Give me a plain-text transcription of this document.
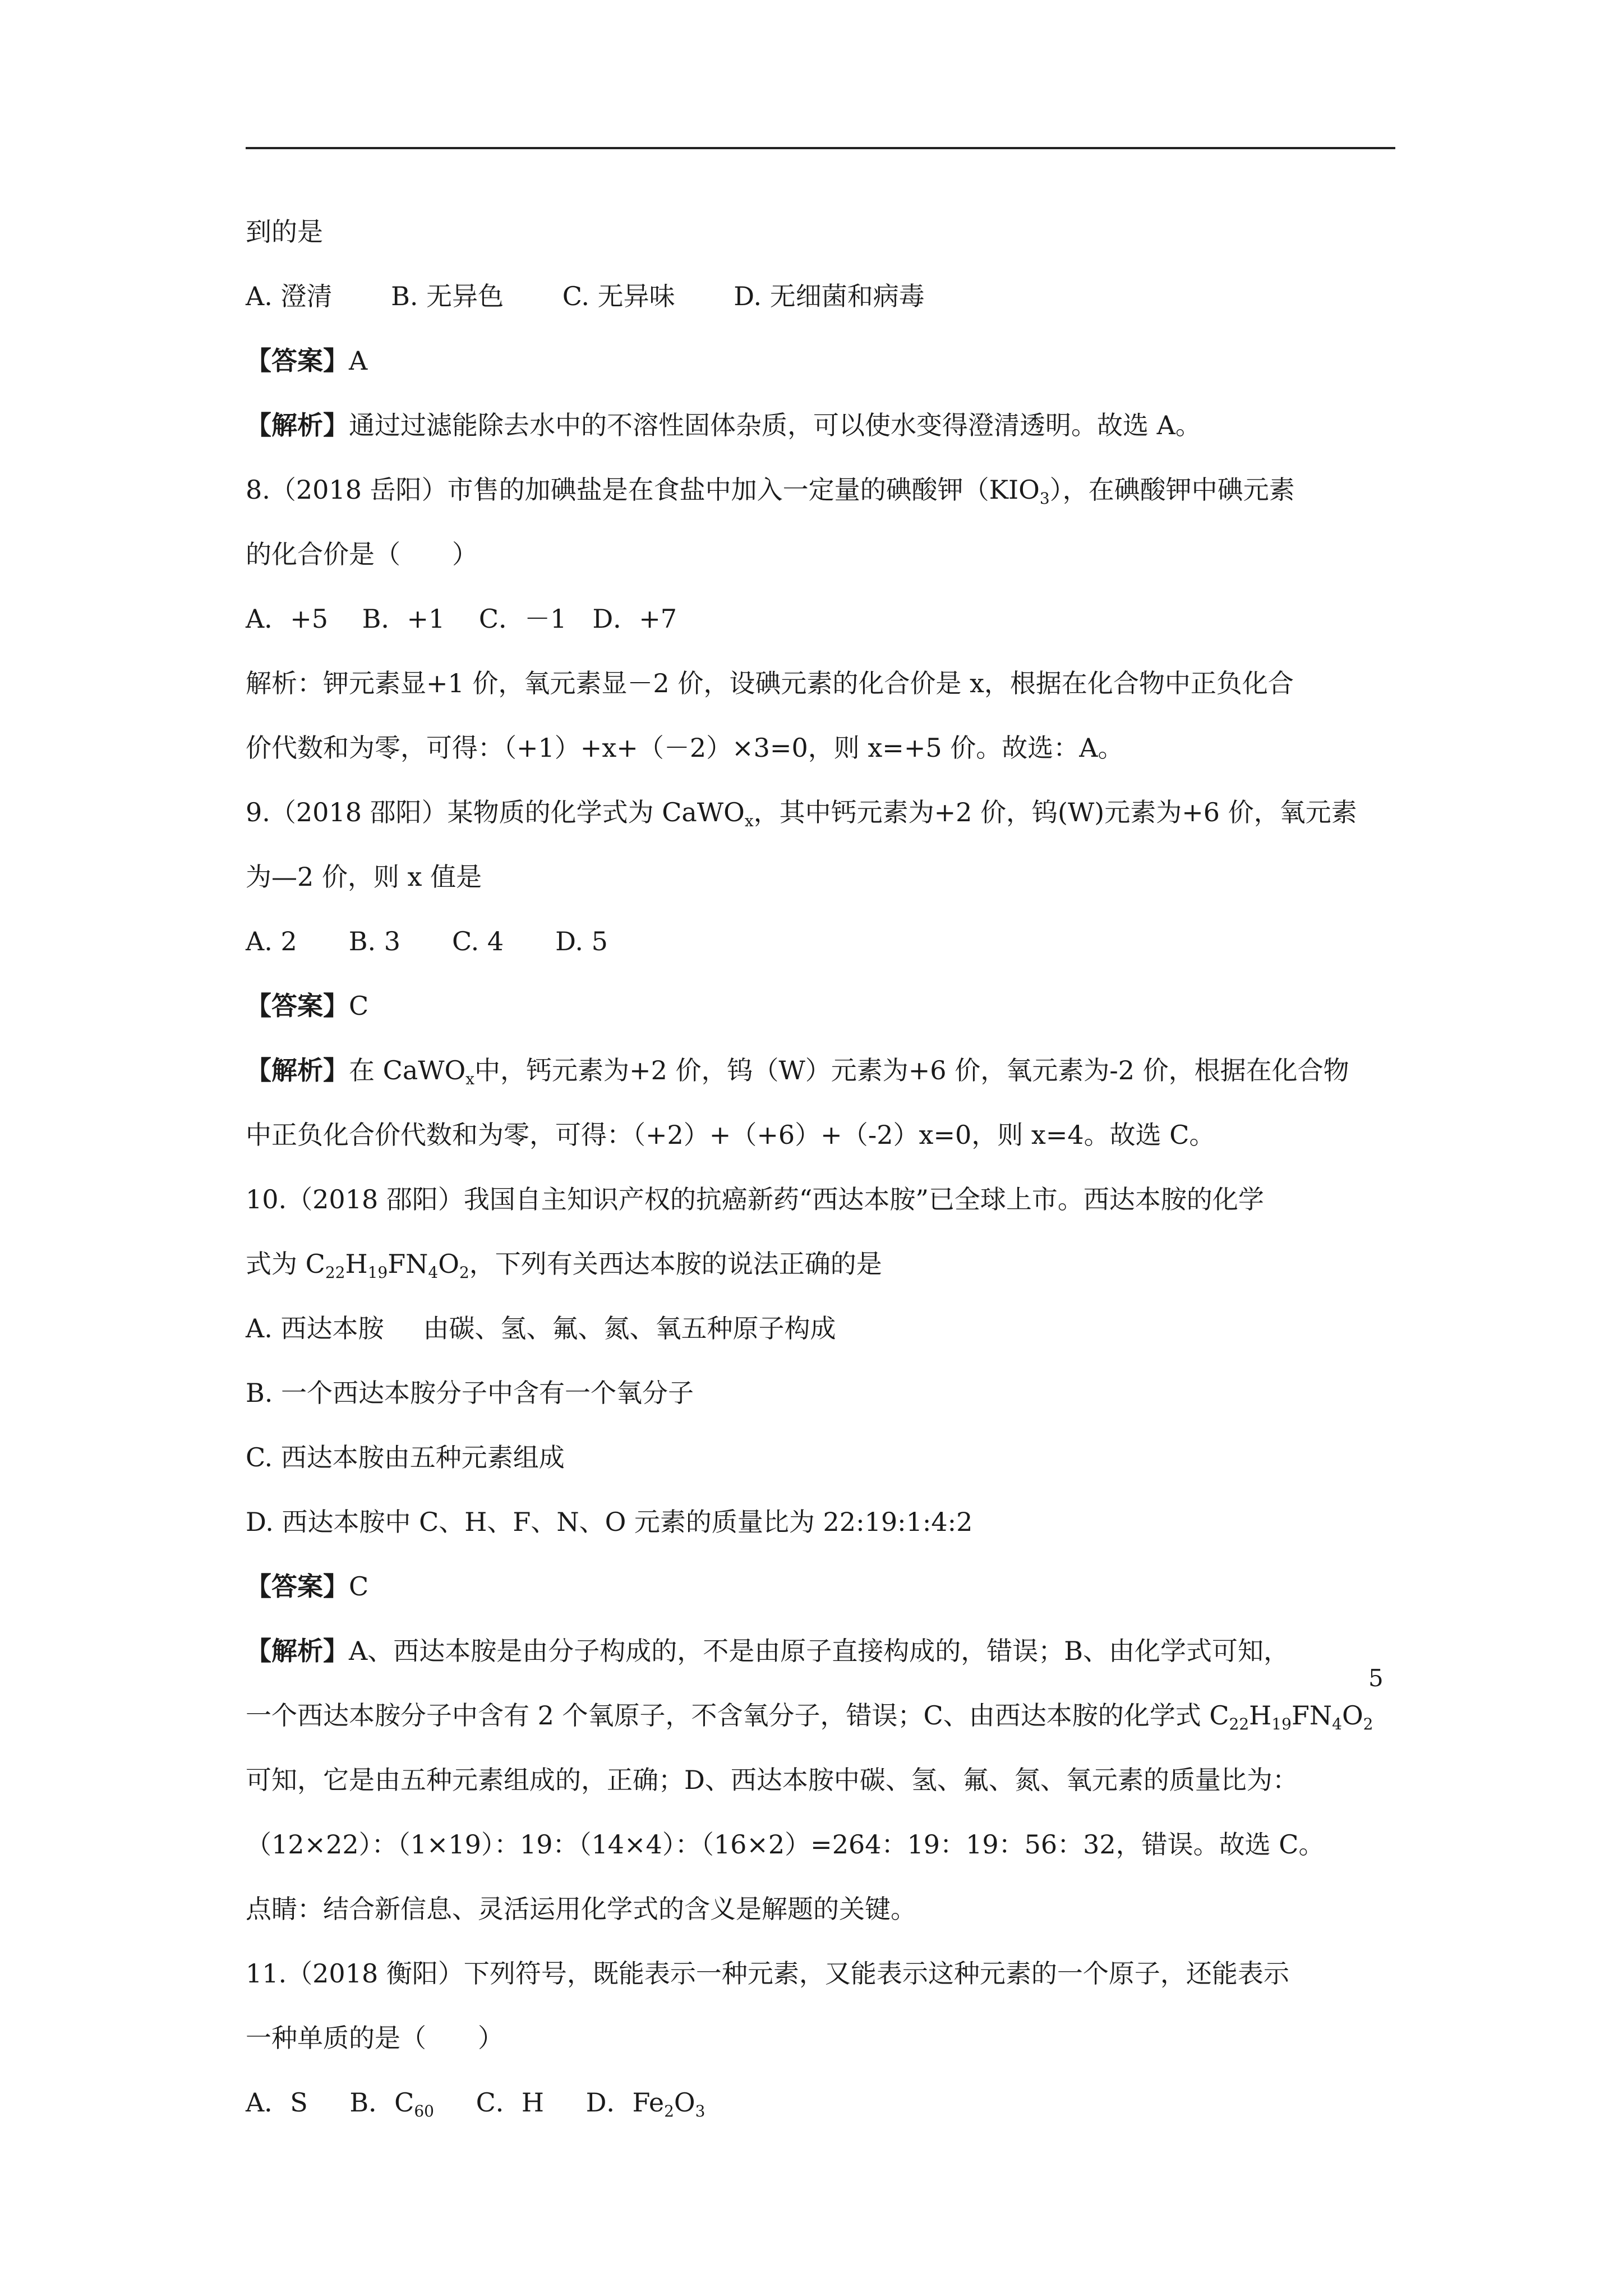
到的是
A. 澄清 B. 无异色 C. 无异味 D. 无细菌和病毒
【答案】A
【解析】通过过滤能除去水中的不溶性固体杂质，可以使水变得澄清透明。故选 A。
8.（2018 岳阳）市售的加碘盐是在食盐中加入一定量的碘酸钾$(KIO_3)$，在碘酸钾中碘元素
的化合价是（　　）
A．+5　 B．+1　 C．－1　D．+7
解析：钾元素显+1 价，氧元素显－2 价，设碘元素的化合价是 x，根据在化合物中正负化合
价代数和为零，可得：（+1）+x+（－2）×3=0，则 x=+5 价。故选：A。
9.（2018 邵阳）某物质的化学式为 CaWO$_x$，其中钙元素为+2 价，钨(W)元素为+6 价，氧元素
为—2 价，则 x 值是
A. 2　　B. 3　　C. 4　　D. 5
【答案】C
【解析】在 CaWO$_x$中，钙元素为+2 价，钨（W）元素为+6 价，氧元素为-2 价，根据在化合物
中正负化合价代数和为零，可得：（+2）+（+6）+（-2）x=0，则 x=4。故选 C。
10.（2018 邵阳）我国自主知识产权的抗癌新药“西达本胺”已全球上市。西达本胺的化学
式为 $C_{22}H_{19}FN_4O_2$，下列有关西达本胺的说法正确的是
A. 西达本胺 由碳、氢、氟、氮、氧五种原子构成
B. 一个西达本胺分子中含有一个氧分子
C. 西达本胺由五种元素组成
D. 西达本胺中 C、H、F、N、O 元素的质量比为 22:19:1:4:2
【答案】C
【解析】A、西达本胺是由分子构成的，不是由原子直接构成的，错误；B、由化学式可知，
一个西达本胺分子中含有 2 个氧原子，不含氧分子，错误；C、由西达本胺的化学式 $C_{22}H_{19}FN_4O_2$
可知，它是由五种元素组成的，正确；D、西达本胺中碳、氢、氟、氮、氧元素的质量比为：
（12×22）：（1×19）：19：（14×4）：（16×2）=264：19：19：56：32，错误。故选 C。
点睛：结合新信息、灵活运用化学式的含义是解题的关键。
11.（2018 衡阳）下列符号，既能表示一种元素，又能表示这种元素的一个原子，还能表示
一种单质的是（　　）
A．S B．$C_{60}$ C．H D．$Fe_2O_3$
5
